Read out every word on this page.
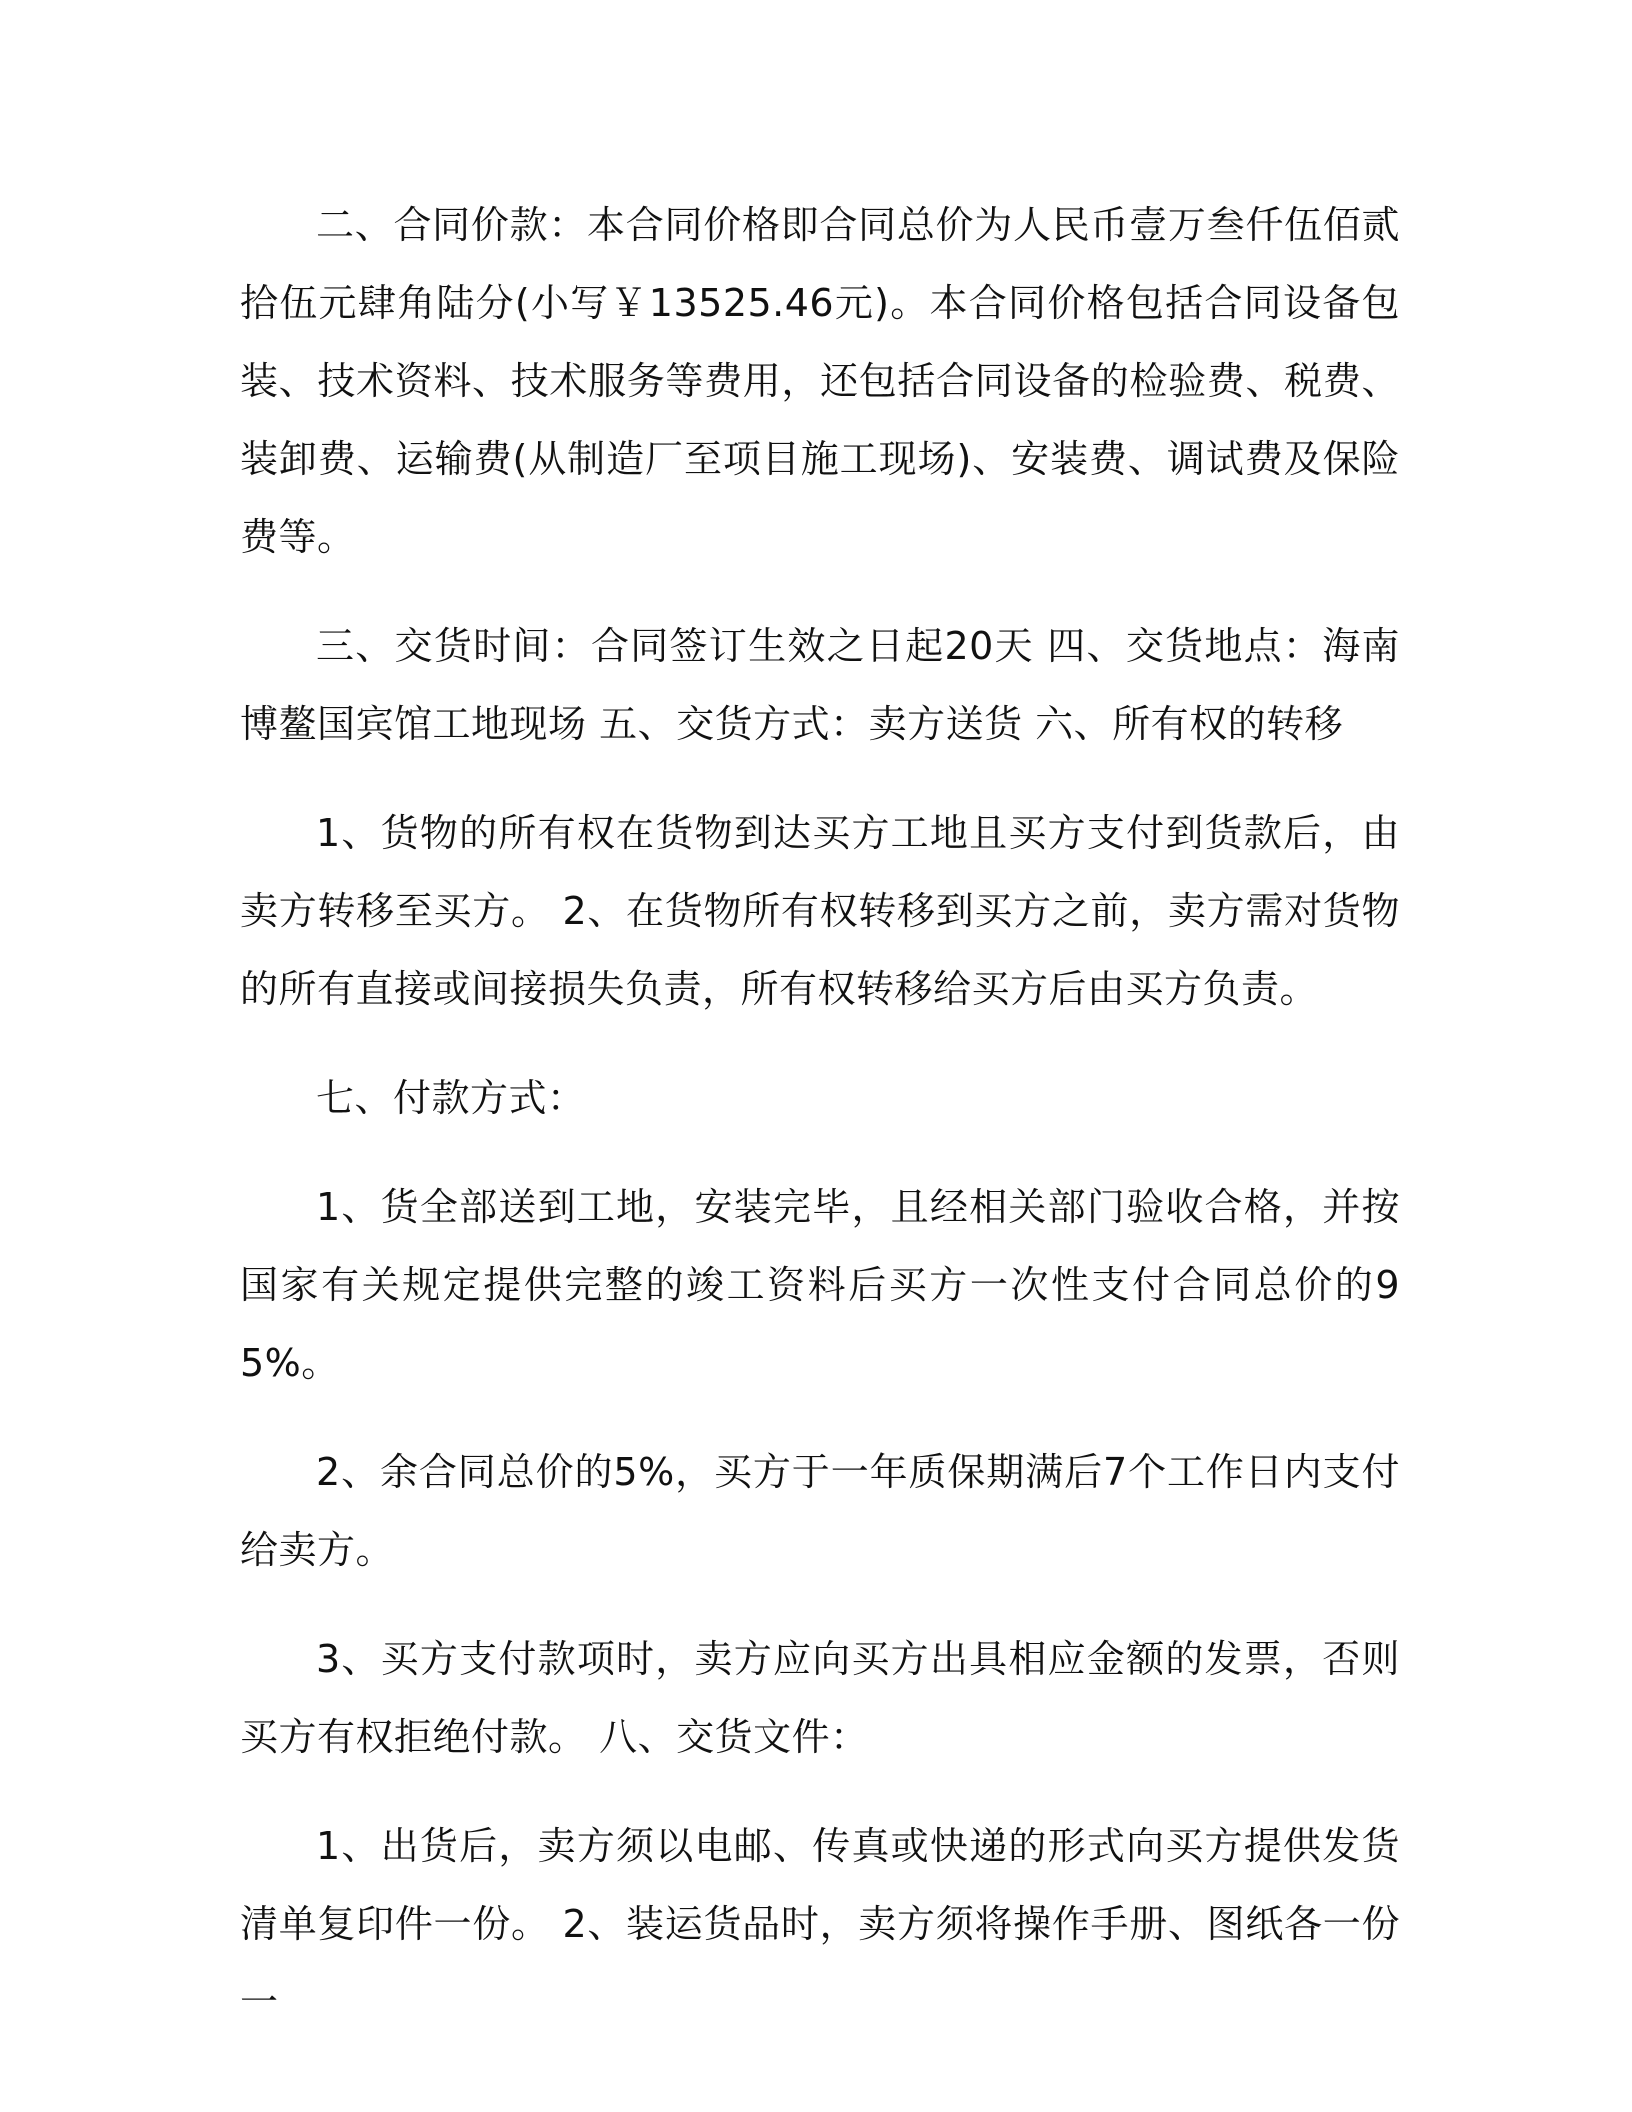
二、合同价款：本合同价格即合同总价为人民币壹万叁仟伍佰贰拾伍元肆角陆分(小写￥13525.46元)。本合同价格包括合同设备包装、技术资料、技术服务等费用，还包括合同设备的检验费、税费、装卸费、运输费(从制造厂至项目施工现场)、安装费、调试费及保险费等。

三、交货时间：合同签订生效之日起20天 四、交货地点：海南博鳌国宾馆工地现场 五、交货方式：卖方送货 六、所有权的转移

1、货物的所有权在货物到达买方工地且买方支付到货款后，由卖方转移至买方。 2、在货物所有权转移到买方之前，卖方需对货物的所有直接或间接损失负责，所有权转移给买方后由买方负责。

七、付款方式：

1、货全部送到工地，安装完毕，且经相关部门验收合格，并按国家有关规定提供完整的竣工资料后买方一次性支付合同总价的95%。

2、余合同总价的5%，买方于一年质保期满后7个工作日内支付给卖方。

3、买方支付款项时，卖方应向买方出具相应金额的发票，否则买方有权拒绝付款。 八、交货文件：

1、出货后，卖方须以电邮、传真或快递的形式向买方提供发货清单复印件一份。 2、装运货品时，卖方须将操作手册、图纸各一份一
